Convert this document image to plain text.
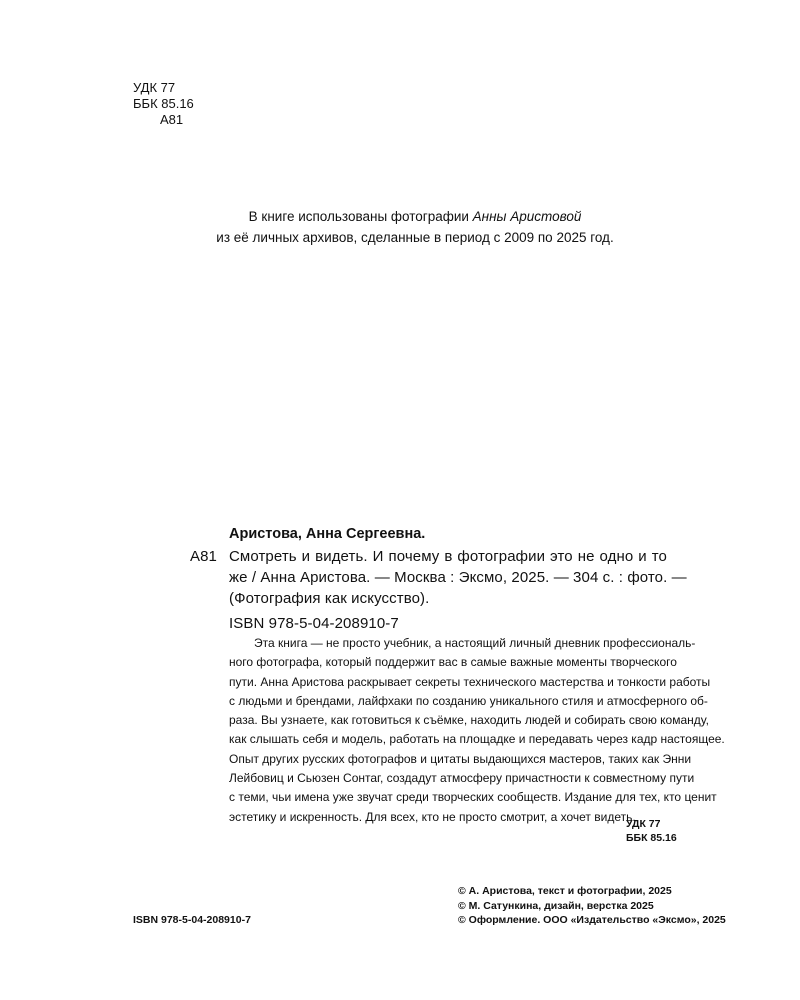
УДК 77
ББК 85.16
А81
В книге использованы фотографии Анны Аристовой
из её личных архивов, сделанные в период с 2009 по 2025 год.
Аристова, Анна Сергеевна.
А81 Смотреть и видеть. И почему в фотографии это не одно и то
же / Анна Аристова. — Москва : Эксмо, 2025. — 304 с. : фото. —
(Фотография как искусство).
ISBN 978-5-04-208910-7
Эта книга — не просто учебник, а настоящий личный дневник профессиональ-
ного фотографа, который поддержит вас в самые важные моменты творческого
пути. Анна Аристова раскрывает секреты технического мастерства и тонкости работы
с людьми и брендами, лайфхаки по созданию уникального стиля и атмосферного об-
раза. Вы узнаете, как готовиться к съёмке, находить людей и собирать свою команду,
как слышать себя и модель, работать на площадке и передавать через кадр настоящее.
Опыт других русских фотографов и цитаты выдающихся мастеров, таких как Энни
Лейбовиц и Сьюзен Сонтаг, создадут атмосферу причастности к совместному пути
с теми, чьи имена уже звучат среди творческих сообществ. Издание для тех, кто ценит
эстетику и искренность. Для всех, кто не просто смотрит, а хочет видеть.
УДК 77
ББК 85.16
ISBN 978-5-04-208910-7
© А. Аристова, текст и фотографии, 2025
© М. Сатункина, дизайн, верстка 2025
© Оформление. ООО «Издательство «Эксмо», 2025
